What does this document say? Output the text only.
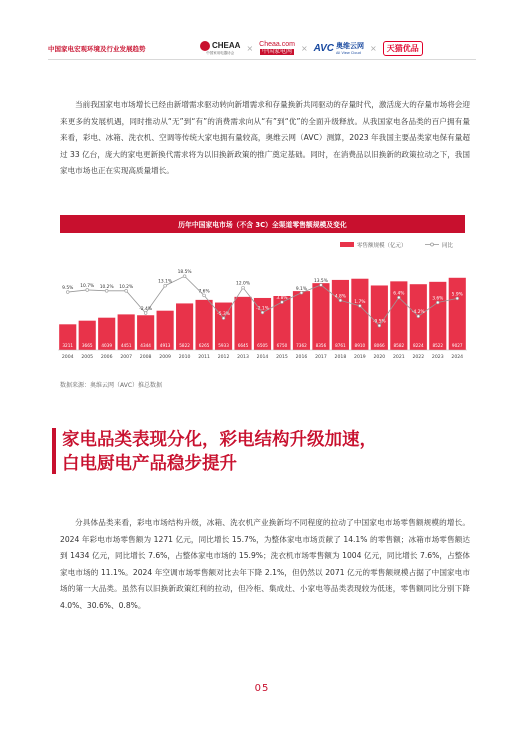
中国家电宏观环境及行业发展趋势	CHEAA
中国家用电器协会
× Cheaa.com
中国家电网 × AVC 奥维云网
All View Cloud
×	天猫优品

当前我国家电市场增长已经由新增需求驱动转向新增需求和存量换新共同驱动的存量时代，激活庞大的存量市场将会迎来更多的发展机遇，同时推动从“无”到“有”的消费需求向从“有”到“优”的全面升级释放。从我国家电各品类的百户拥有量来看，彩电、冰箱、洗衣机、空调等传统大家电拥有量较高，奥维云网（AVC）测算，2023 年我国主要品类家电保有量超过 33 亿台，庞大的家电更新换代需求将为以旧换新政策的推广奠定基础。同时，在消费品以旧换新的政策拉动之下，我国家电市场也正在实现高质量增长。

历年中国家电市场（不含 3C）全渠道零售额规模及变化
零售额规模（亿元）	同比
3211
2004
3665
2005
4039
2006
4451
2007
4344
2008
4913
2009
5822
2010
6265
2011
5933
2012
6645
2013
6505
2014
6750
2015
7362
2016
8356
2017
8761
2018
8910
2019
8066
2020
8582
2021
8224
2022
8522
2023
9027
2024
9.5% 10.7% 10.2% 10.2%
-2.4%
13.1%
18.5%
7.6%
-5.3%
12.0%
-2.1%
3.8%
9.1%
13.5%
4.8%
1.7%
-9.5%
6.4%
-4.2%
3.6%
5.9%
数据来源：奥维云网（AVC）推总数据
家电品类表现分化，彩电结构升级加速，
白电厨电产品稳步提升

分具体品类来看，彩电市场结构升级，冰箱、洗衣机产业换新均不同程度的拉动了中国家电市场零售额规模的增长。2024 年彩电市场零售额为 1271 亿元，同比增长 15.7%，为整体家电市场贡献了 14.1% 的零售额；冰箱市场零售额达到 1434 亿元，同比增长 7.6%，占整体家电市场的 15.9%；洗衣机市场零售额为 1004 亿元，同比增长 7.6%，占整体家电市场的 11.1%。2024 年空调市场零售额对比去年下降 2.1%，但仍然以 2071 亿元的零售额规模占据了中国家电市场的第一大品类。虽然有以旧换新政策红利的拉动，但冷柜、集成灶、小家电等品类表现较为低迷，零售额同比分别下降 4.0%、30.6%、0.8%。

05
